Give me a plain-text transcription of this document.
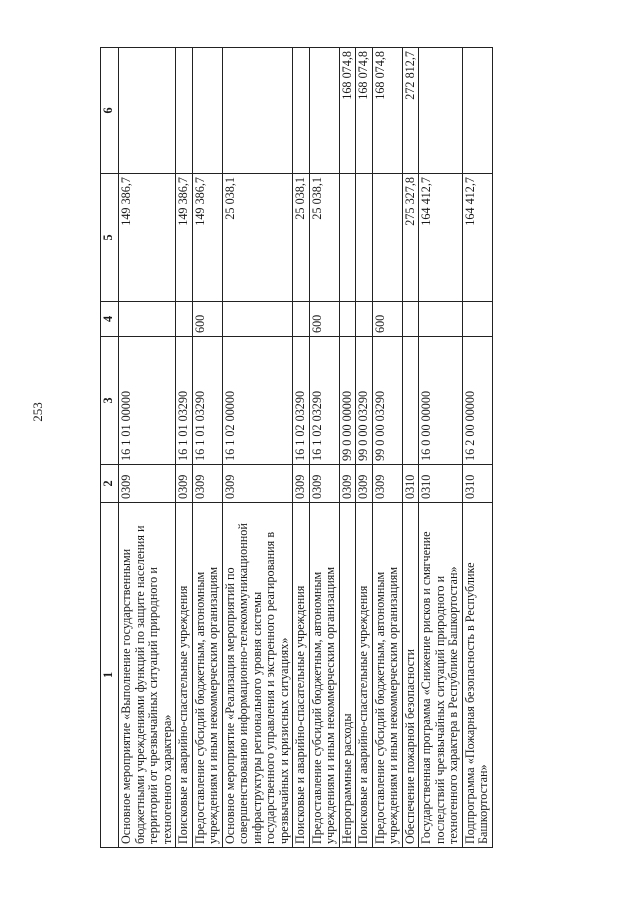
253
1	2	3	4	5	6
Основное мероприятие «Выполнение государственными бюджетными учреждениями функций по защите населения и территорий от чрезвычайных ситуаций природного и техногенного характера»	0309	16 1 01 00000		149 386,7	
Поисковые и аварийно-спасательные учреждения	0309	16 1 01 03290		149 386,7	
Предоставление субсидий бюджетным, автономным учреждениям и иным некоммерческим организациям	0309	16 1 01 03290	600	149 386,7	
Основное мероприятие «Реализация мероприятий по совершенствованию информационно-телекоммуникационной инфраструктуры регионального уровня системы государственного управления и экстренного реагирования в чрезвычайных и кризисных ситуациях»	0309	16 1 02 00000		25 038,1	
Поисковые и аварийно-спасательные учреждения	0309	16 1 02 03290		25 038,1	
Предоставление субсидий бюджетным, автономным учреждениям и иным некоммерческим организациям	0309	16 1 02 03290	600	25 038,1	
Непрограммные расходы	0309	99 0 00 00000			168 074,8
Поисковые и аварийно-спасательные учреждения	0309	99 0 00 03290			168 074,8
Предоставление субсидий бюджетным, автономным учреждениям и иным некоммерческим организациям	0309	99 0 00 03290	600		168 074,8
Обеспечение пожарной безопасности	0310			275 327,8	272 812,7
Государственная программа «Снижение рисков и смягчение последствий чрезвычайных ситуаций природного и техногенного характера в Республике Башкортостан»	0310	16 0 00 00000		164 412,7	
Подпрограмма «Пожарная безопасность в Республике Башкортостан»	0310	16 2 00 00000		164 412,7	
